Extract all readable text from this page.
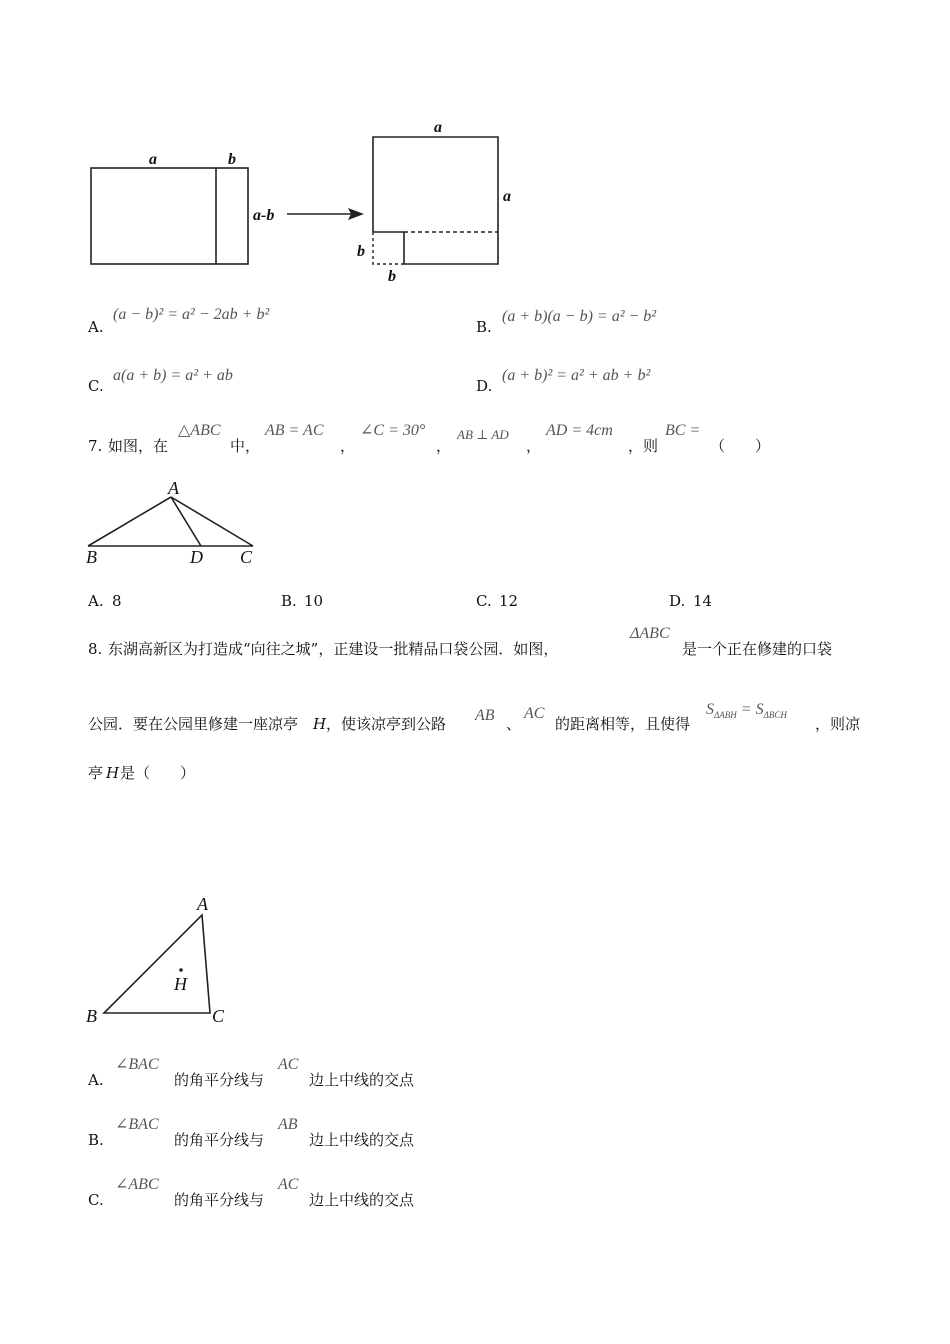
a	b
a-b
a
a
b
b
A.
(a − b)² = a² − 2ab + b²
B.
(a + b)(a − b) = a² − b²
C.
a(a + b) = a² + ab
D.
(a + b)² = a² + ab + b²
7. 如图，在
△ABC
中，
AB = AC
，
∠C = 30°
，
AB ⊥ AD
，
AD = 4cm
，则
BC =
（　　）
A
B	D C
A. 8	B. 10	C. 12	D. 14
8. 东湖高新区为打造成“向往之城”，正建设一批精品口袋公园．如图，
ΔABC
是一个正在修建的口袋
公园．要在公园里修建一座凉亭 H ，使该凉亭到公路 AB 、
AC
的距离相等，且使得
$S_{\Delta ABH} = S_{\Delta BCH}$ ，则凉
亭 H 是（　　）
A
B	C
H
A.
∠BAC
的角平分线与
AC
边上中线的交点
B.
∠BAC
的角平分线与
AB
边上中线的交点
C.
∠ABC
的角平分线与
AC
边上中线的交点
